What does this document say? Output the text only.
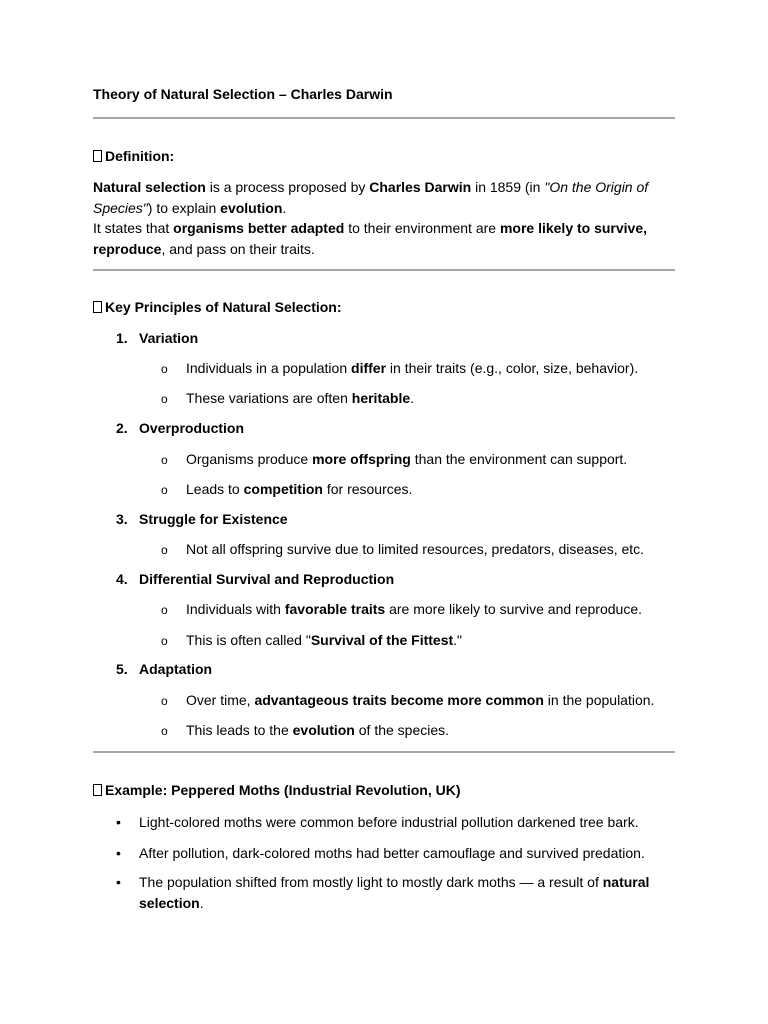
Theory of Natural Selection – Charles Darwin
Definition:
Natural selection is a process proposed by Charles Darwin in 1859 (in "On the Origin of Species") to explain evolution.
It states that organisms better adapted to their environment are more likely to survive, reproduce, and pass on their traits.
Key Principles of Natural Selection:
1. Variation
o Individuals in a population differ in their traits (e.g., color, size, behavior).
o These variations are often heritable.
2. Overproduction
o Organisms produce more offspring than the environment can support.
o Leads to competition for resources.
3. Struggle for Existence
o Not all offspring survive due to limited resources, predators, diseases, etc.
4. Differential Survival and Reproduction
o Individuals with favorable traits are more likely to survive and reproduce.
o This is often called "Survival of the Fittest."
5. Adaptation
o Over time, advantageous traits become more common in the population.
o This leads to the evolution of the species.
Example: Peppered Moths (Industrial Revolution, UK)
• Light-colored moths were common before industrial pollution darkened tree bark.
• After pollution, dark-colored moths had better camouflage and survived predation.
• The population shifted from mostly light to mostly dark moths — a result of natural selection.
